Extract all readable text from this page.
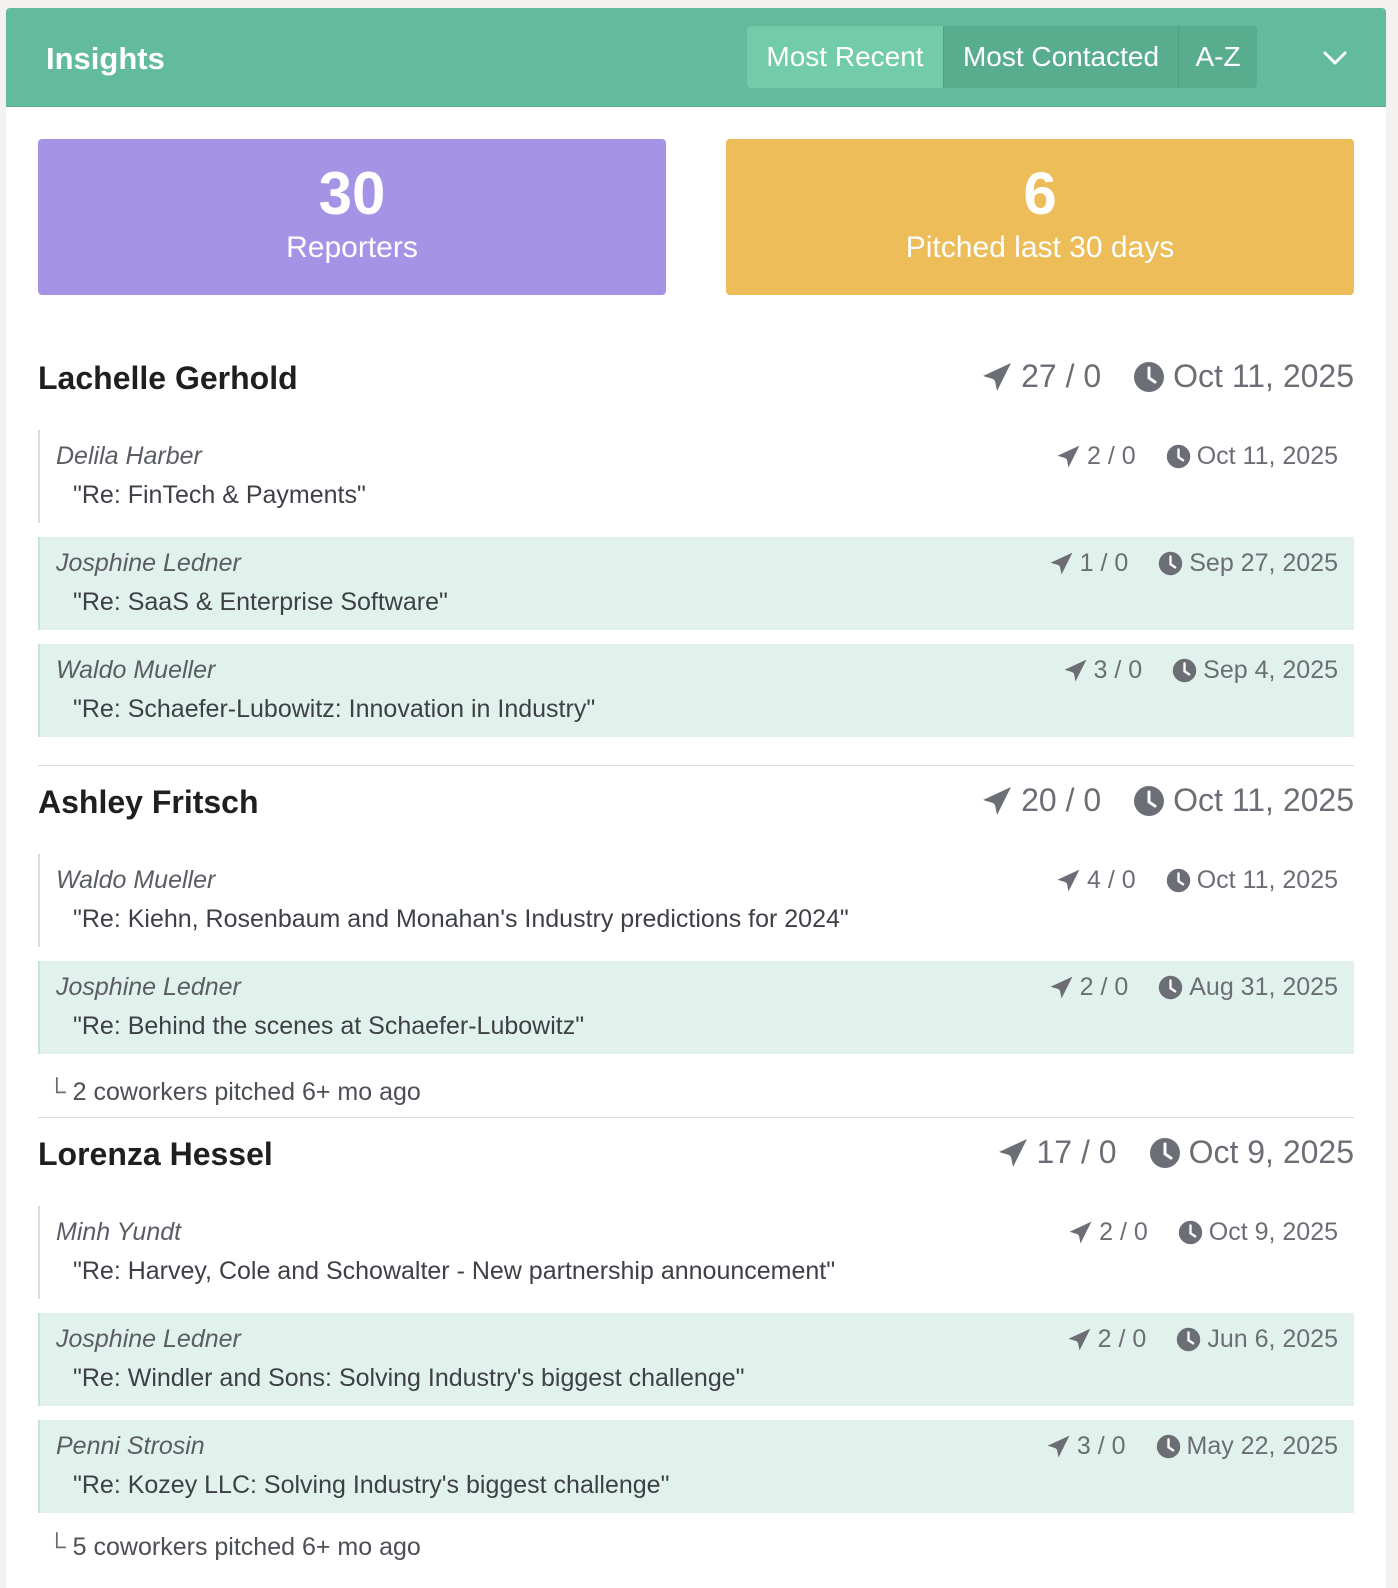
Insights	Most Recent	Most Contacted	A-Z
30
Reporters
6
Pitched last 30 days
Lachelle Gerhold	27 / 0 Oct 11, 2025
Delila Harber
"Re: FinTech & Payments"
2 / 0 Oct 11, 2025
Josphine Ledner
"Re: SaaS & Enterprise Software"
1 / 0 Sep 27, 2025
Waldo Mueller
"Re: Schaefer-Lubowitz: Innovation in Industry"
3 / 0 Sep 4, 2025
Ashley Fritsch	20 / 0 Oct 11, 2025
Waldo Mueller
"Re: Kiehn, Rosenbaum and Monahan's Industry predictions for 2024"
4 / 0 Oct 11, 2025
Josphine Ledner
"Re: Behind the scenes at Schaefer-Lubowitz"
2 / 0 Aug 31, 2025
└ 2 coworkers pitched 6+ mo ago
Lorenza Hessel	17 / 0 Oct 9, 2025
Minh Yundt
"Re: Harvey, Cole and Schowalter - New partnership announcement"
2 / 0 Oct 9, 2025
Josphine Ledner
"Re: Windler and Sons: Solving Industry's biggest challenge"
2 / 0 Jun 6, 2025
Penni Strosin
"Re: Kozey LLC: Solving Industry's biggest challenge"
3 / 0 May 22, 2025
└ 5 coworkers pitched 6+ mo ago
